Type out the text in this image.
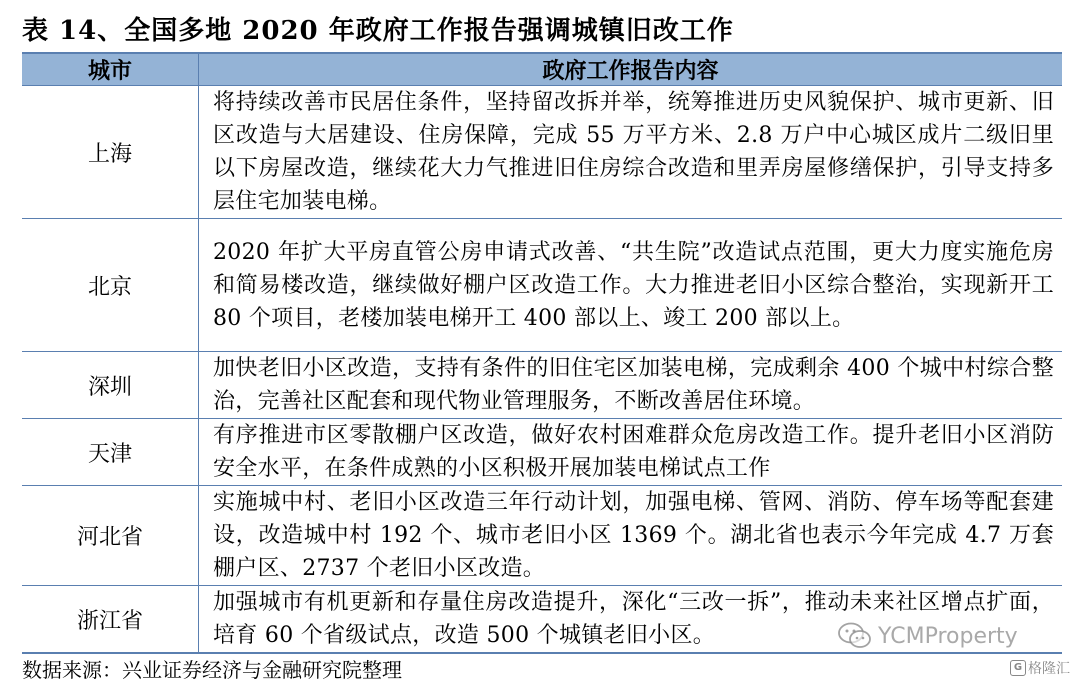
表 14、全国多地 2020 年政府工作报告强调城镇旧改工作
城市	政府工作报告内容
上海	将持续改善市民居住条件，坚持留改拆并举，统筹推进历史风貌保护、城市更新、旧区改造与大居建设、住房保障，完成 55 万平方米、2.8 万户中心城区成片二级旧里以下房屋改造，继续花大力气推进旧住房综合改造和里弄房屋修缮保护，引导支持多层住宅加装电梯。
北京	2020 年扩大平房直管公房申请式改善、“共生院”改造试点范围，更大力度实施危房和简易楼改造，继续做好棚户区改造工作。大力推进老旧小区综合整治，实现新开工 80 个项目，老楼加装电梯开工 400 部以上、竣工 200 部以上。
深圳	加快老旧小区改造，支持有条件的旧住宅区加装电梯，完成剩余 400 个城中村综合整治，完善社区配套和现代物业管理服务，不断改善居住环境。
天津	有序推进市区零散棚户区改造，做好农村困难群众危房改造工作。提升老旧小区消防安全水平，在条件成熟的小区积极开展加装电梯试点工作
河北省	实施城中村、老旧小区改造三年行动计划，加强电梯、管网、消防、停车场等配套建设，改造城中村 192 个、城市老旧小区 1369 个。湖北省也表示今年完成 4.7 万套棚户区、2737 个老旧小区改造。
浙江省	加强城市有机更新和存量住房改造提升，深化“三改一拆”，推动未来社区增点扩面，培育 60 个省级试点，改造 500 个城镇老旧小区。
数据来源：兴业证券经济与金融研究院整理
YCMProperty
G 格隆汇
